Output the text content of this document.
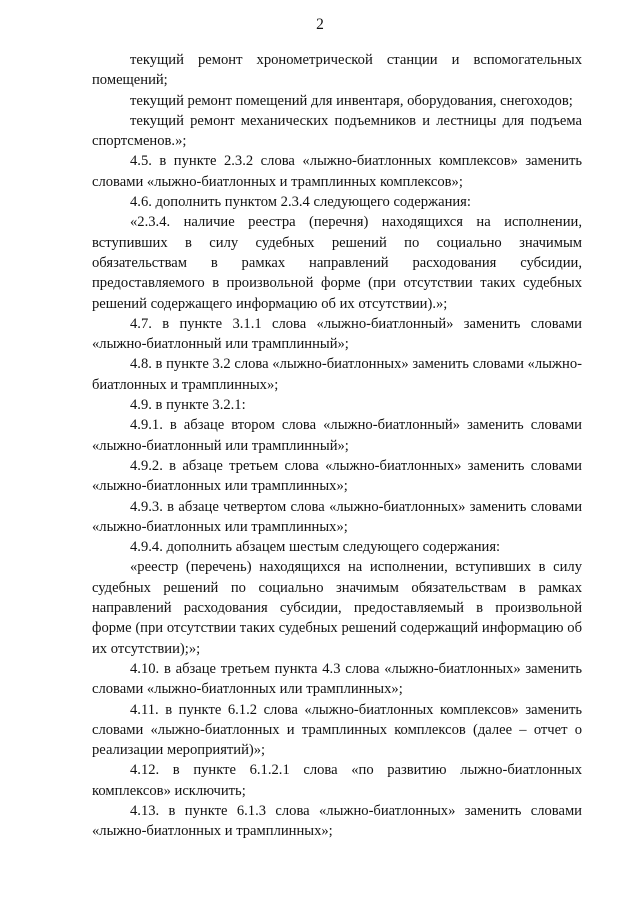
2

текущий ремонт хронометрической станции и вспомогательных помещений;

текущий ремонт помещений для инвентаря, оборудования, снегоходов;

текущий ремонт механических подъемников и лестницы для подъема спортсменов.»;

4.5. в пункте 2.3.2 слова «лыжно-биатлонных комплексов» заменить словами «лыжно-биатлонных и трамплинных комплексов»;

4.6. дополнить пунктом 2.3.4 следующего содержания:

«2.3.4. наличие реестра (перечня) находящихся на исполнении, вступивших в силу судебных решений по социально значимым обязательствам в рамках направлений расходования субсидии, предоставляемого в произвольной форме (при отсутствии таких судебных решений содержащего информацию об их отсутствии).»;

4.7. в пункте 3.1.1 слова «лыжно-биатлонный» заменить словами «лыжно-биатлонный или трамплинный»;

4.8. в пункте 3.2 слова «лыжно-биатлонных» заменить словами «лыжно-биатлонных и трамплинных»;

4.9. в пункте 3.2.1:

4.9.1. в абзаце втором слова «лыжно-биатлонный» заменить словами «лыжно-биатлонный или трамплинный»;

4.9.2. в абзаце третьем слова «лыжно-биатлонных» заменить словами «лыжно-биатлонных или трамплинных»;

4.9.3. в абзаце четвертом слова «лыжно-биатлонных» заменить словами «лыжно-биатлонных или трамплинных»;

4.9.4. дополнить абзацем шестым следующего содержания:

«реестр (перечень) находящихся на исполнении, вступивших в силу судебных решений по социально значимым обязательствам в рамках направлений расходования субсидии, предоставляемый в произвольной форме (при отсутствии таких судебных решений содержащий информацию об их отсутствии);»;

4.10. в абзаце третьем пункта 4.3 слова «лыжно-биатлонных» заменить словами «лыжно-биатлонных или трамплинных»;

4.11. в пункте 6.1.2 слова «лыжно-биатлонных комплексов» заменить словами «лыжно-биатлонных и трамплинных комплексов (далее – отчет о реализации мероприятий)»;

4.12. в пункте 6.1.2.1 слова «по развитию лыжно-биатлонных комплексов» исключить;

4.13. в пункте 6.1.3 слова «лыжно-биатлонных» заменить словами «лыжно-биатлонных и трамплинных»;
